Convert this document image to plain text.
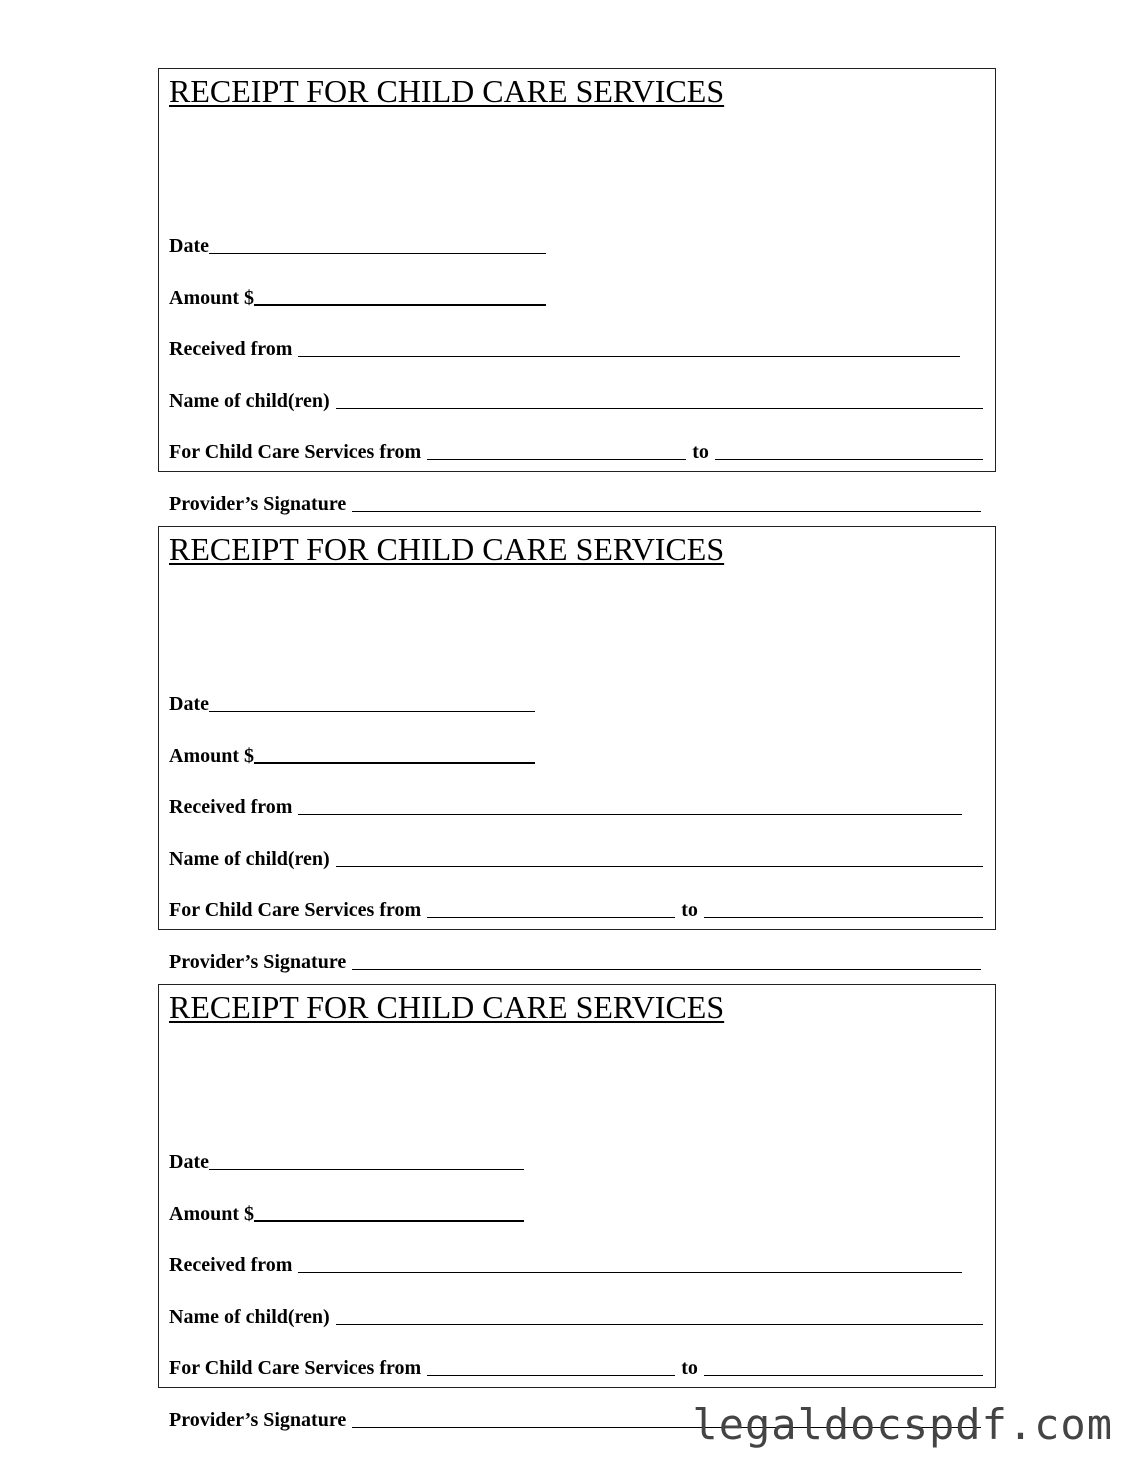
RECEIPT FOR CHILD CARE SERVICES
Date
Amount $
Received from
Name of child(ren)
For Child Care Services from	to
Provider’s Signature
RECEIPT FOR CHILD CARE SERVICES
Date
Amount $
Received from
Name of child(ren)
For Child Care Services from	to
Provider’s Signature
RECEIPT FOR CHILD CARE SERVICES
Date
Amount $
Received from
Name of child(ren)
For Child Care Services from	to
Provider’s Signature	legaldocspdf.com
